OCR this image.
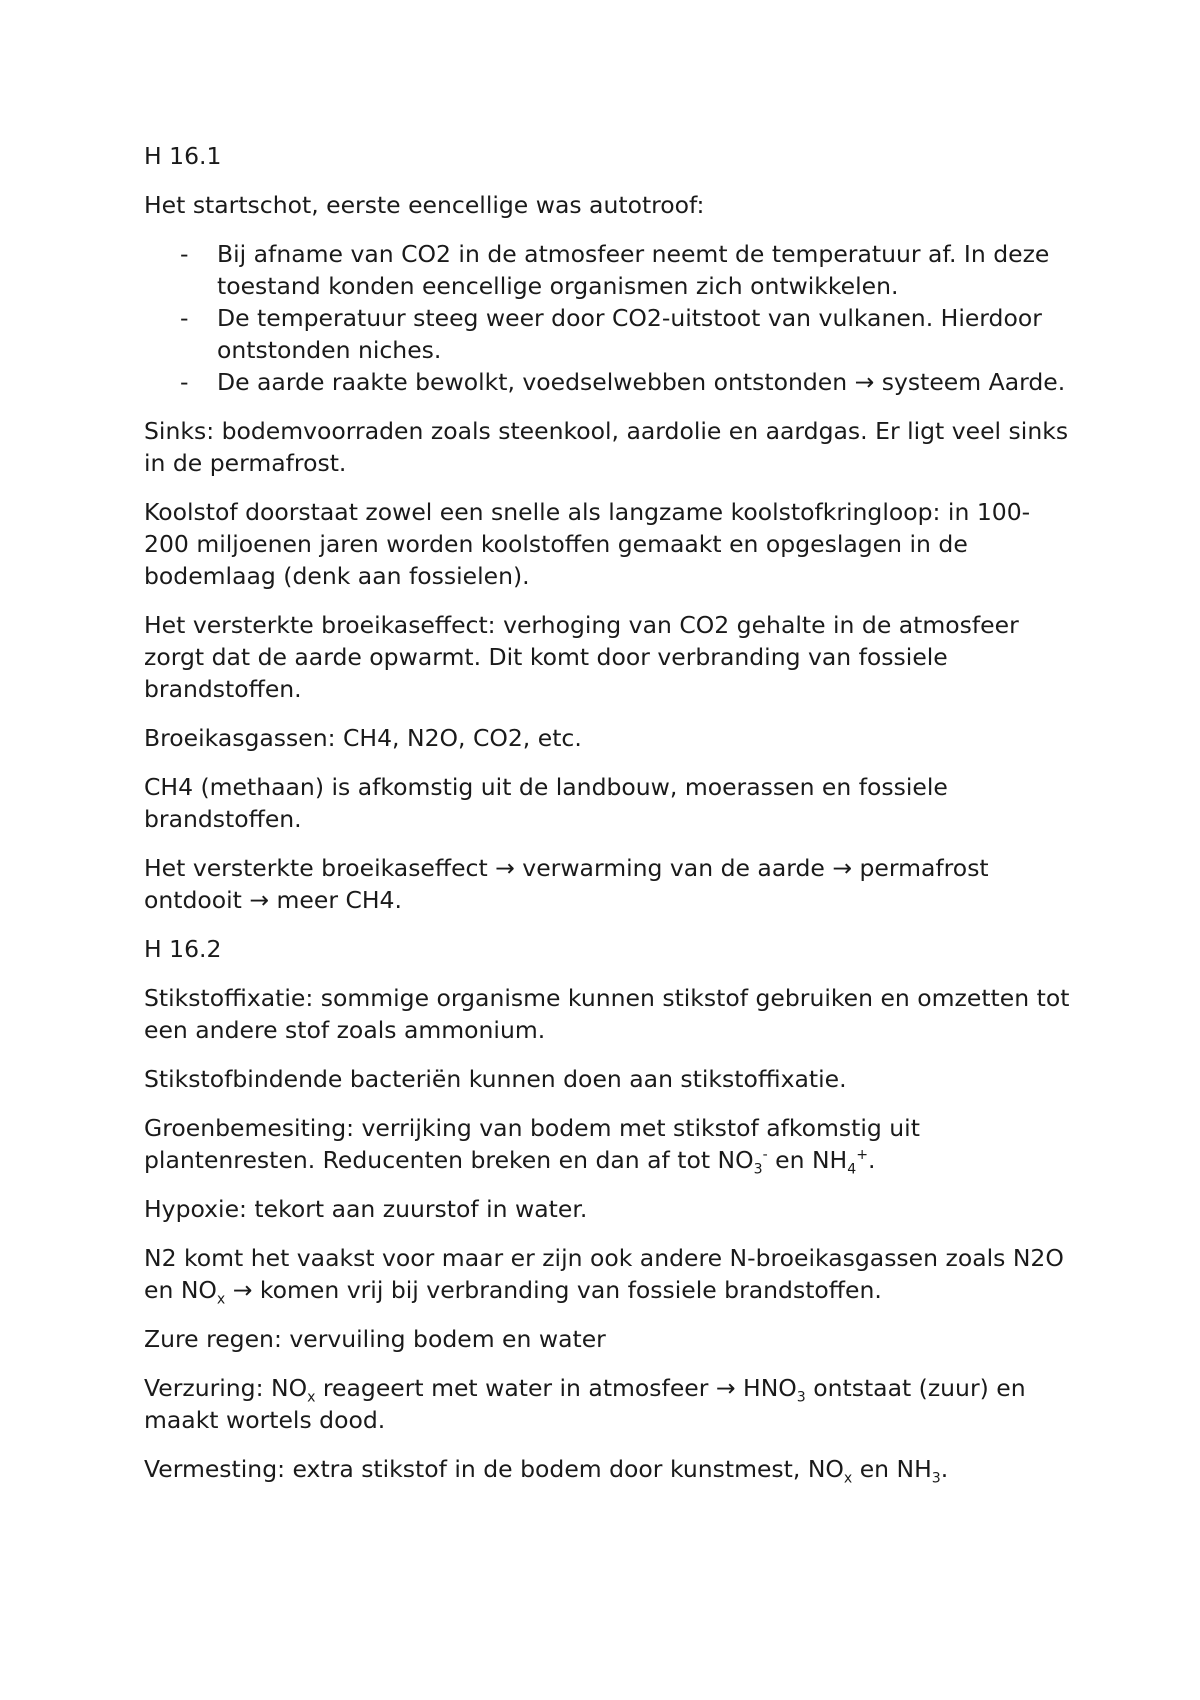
H 16.1

Het startschot, eerste eencellige was autotroof:

- Bij afname van CO2 in de atmosfeer neemt de temperatuur af. In deze toestand konden eencellige organismen zich ontwikkelen.
- De temperatuur steeg weer door CO2-uitstoot van vulkanen. Hierdoor ontstonden niches.
- De aarde raakte bewolkt, voedselwebben ontstonden → systeem Aarde.

Sinks: bodemvoorraden zoals steenkool, aardolie en aardgas. Er ligt veel sinks in de permafrost.

Koolstof doorstaat zowel een snelle als langzame koolstofkringloop: in 100-200 miljoenen jaren worden koolstoffen gemaakt en opgeslagen in de bodemlaag (denk aan fossielen).

Het versterkte broeikaseffect: verhoging van CO2 gehalte in de atmosfeer zorgt dat de aarde opwarmt. Dit komt door verbranding van fossiele brandstoffen.

Broeikasgassen: CH4, N2O, CO2, etc.

CH4 (methaan) is afkomstig uit de landbouw, moerassen en fossiele brandstoffen.

Het versterkte broeikaseffect → verwarming van de aarde → permafrost ontdooit → meer CH4.

H 16.2

Stikstoffixatie: sommige organisme kunnen stikstof gebruiken en omzetten tot een andere stof zoals ammonium.

Stikstofbindende bacteriën kunnen doen aan stikstoffixatie.

Groenbemesiting: verrijking van bodem met stikstof afkomstig uit plantenresten. Reducenten breken en dan af tot $NO_3^-$ en $NH_4^+$.

Hypoxie: tekort aan zuurstof in water.

N2 komt het vaakst voor maar er zijn ook andere N-broeikasgassen zoals N2O en $NO_x$ → komen vrij bij verbranding van fossiele brandstoffen.

Zure regen: vervuiling bodem en water

Verzuring: $NO_x$ reageert met water in atmosfeer → $HNO_3$ ontstaat (zuur) en maakt wortels dood.

Vermesting: extra stikstof in de bodem door kunstmest, $NO_x$ en $NH_3$.
